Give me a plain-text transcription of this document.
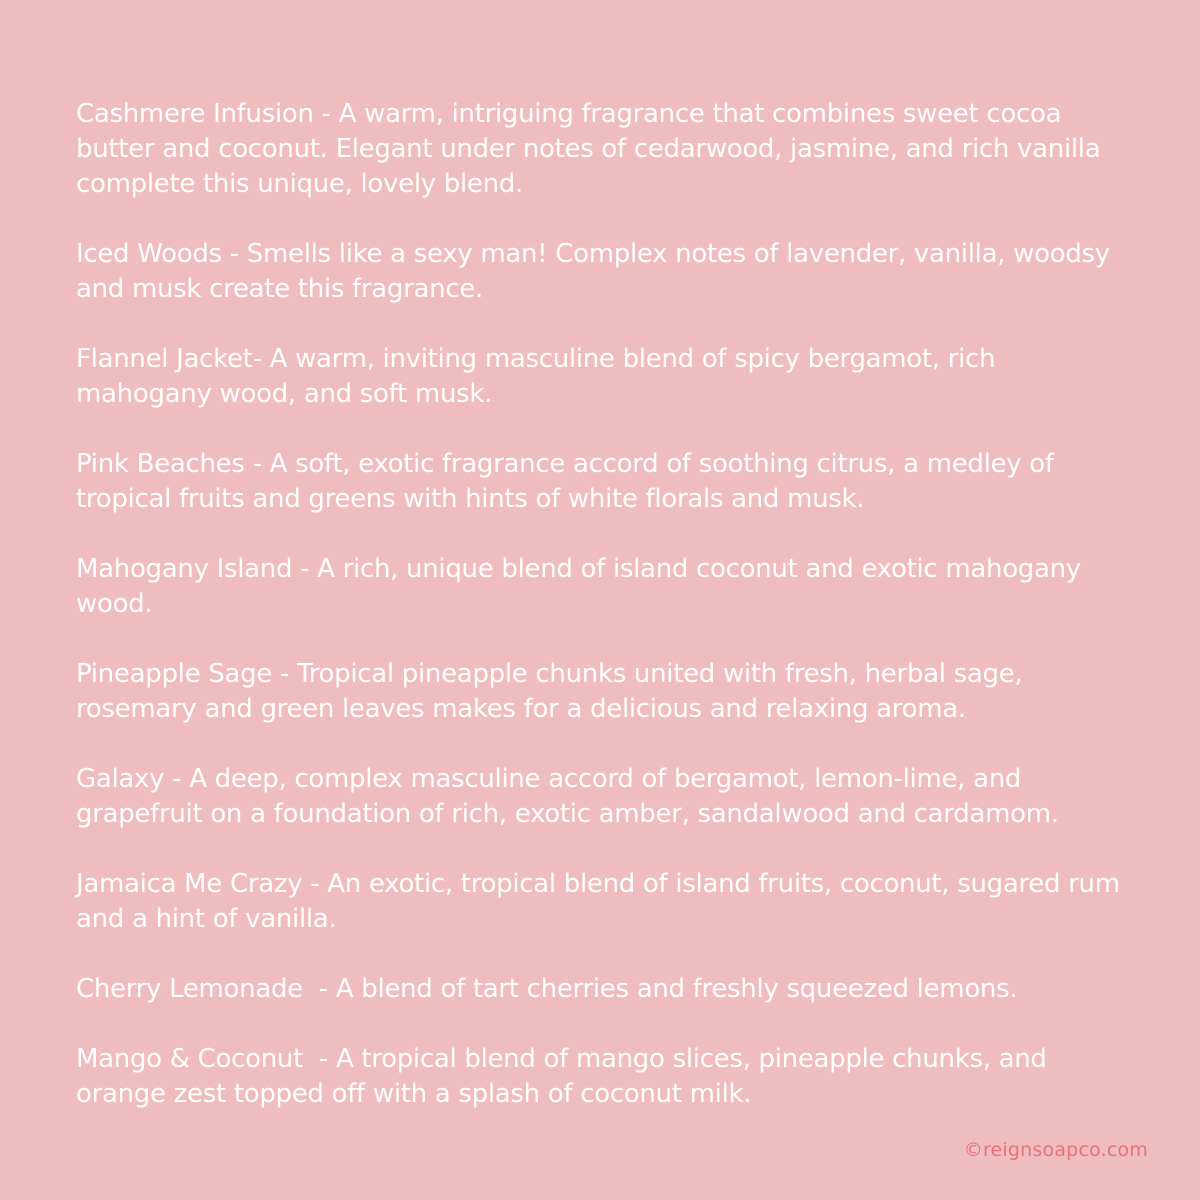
Cashmere Infusion - A warm, intriguing fragrance that combines sweet cocoa butter and coconut. Elegant under notes of cedarwood, jasmine, and rich vanilla complete this unique, lovely blend.

Iced Woods - Smells like a sexy man! Complex notes of lavender, vanilla, woodsy and musk create this fragrance.

Flannel Jacket- A warm, inviting masculine blend of spicy bergamot, rich mahogany wood, and soft musk.

Pink Beaches - A soft, exotic fragrance accord of soothing citrus, a medley of tropical fruits and greens with hints of white florals and musk.

Mahogany Island - A rich, unique blend of island coconut and exotic mahogany wood.

Pineapple Sage - Tropical pineapple chunks united with fresh, herbal sage, rosemary and green leaves makes for a delicious and relaxing aroma.

Galaxy - A deep, complex masculine accord of bergamot, lemon-lime, and grapefruit on a foundation of rich, exotic amber, sandalwood and cardamom.

Jamaica Me Crazy - An exotic, tropical blend of island fruits, coconut, sugared rum and a hint of vanilla.

Cherry Lemonade  - A blend of tart cherries and freshly squeezed lemons.

Mango & Coconut  - A tropical blend of mango slices, pineapple chunks, and orange zest topped off with a splash of coconut milk.

©reignsoapco.com
